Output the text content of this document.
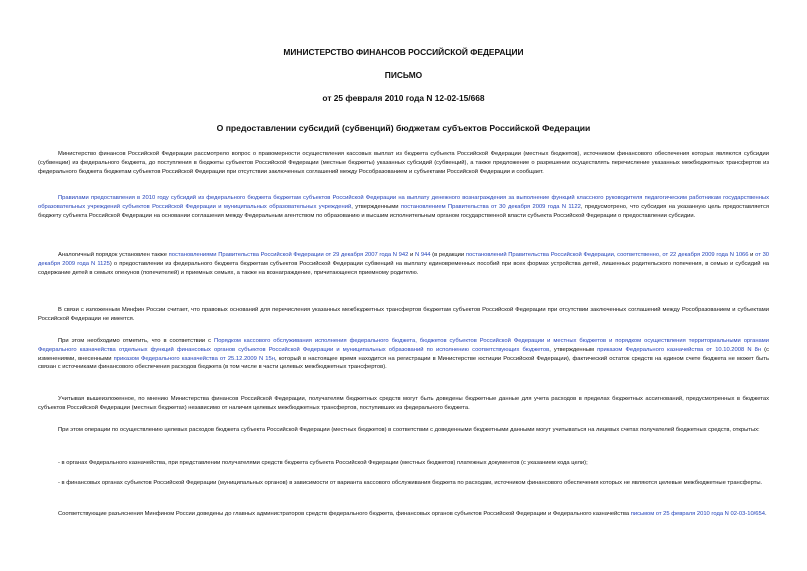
МИНИСТЕРСТВО ФИНАНСОВ РОССИЙСКОЙ ФЕДЕРАЦИИ
ПИСЬМО
от 25 февраля 2010 года N 12-02-15/668
О предоставлении субсидий (субвенций) бюджетам субъектов Российской Федерации

Министерство финансов Российской Федерации рассмотрело вопрос о правомерности осуществления кассовых выплат из бюджета субъекта Российской Федерации (местных бюджетов), источником финансового обеспечения которых являются субсидии (субвенции) из федерального бюджета, до поступления в бюджеты субъектов Российской Федерации (местные бюджеты) указанных субсидий (субвенций), а также предложение о разрешении осуществлять перечисление указанных межбюджетных трансфертов из федерального бюджета бюджетам субъектов Российской Федерации при отсутствии заключенных соглашений между Рособразованием и субъектами Российской Федерации и сообщает.

Правилами предоставления в 2010 году субсидий из федерального бюджета бюджетам субъектов Российской Федерации на выплату денежного вознаграждения за выполнение функций классного руководителя педагогическим работникам государственных образовательных учреждений субъектов Российской Федерации и муниципальных образовательных учреждений, утвержденными постановлением Правительства от 30 декабря 2009 года N 1122, предусмотрено, что субсидия на указанную цель предоставляется бюджету субъекта Российской Федерации на основании соглашения между Федеральным агентством по образованию и высшим исполнительным органом государственной власти субъекта Российской Федерации о предоставлении субсидии.

Аналогичный порядок установлен также постановлениями Правительства Российской Федерации от 29 декабря 2007 года N 942 и N 944 (в редакции постановлений Правительства Российской Федерации, соответственно, от 22 декабря 2009 года N 1066 и от 30 декабря 2009 года N 1125) о предоставлении из федерального бюджета бюджетам субъектов Российской Федерации субвенций на выплату единовременных пособий при всех формах устройства детей, лишенных родительского попечения, в семью и субсидий на содержание детей в семьях опекунов (попечителей) и приемных семьях, а также на вознаграждение, причитающееся приемному родителю.

В связи с изложенным Минфин России считает, что правовых оснований для перечисления указанных межбюджетных трансфертов бюджетам субъектов Российской Федерации при отсутствии заключенных соглашений между Рособразованием и субъектами Российской Федерации не имеется.

При этом необходимо отметить, что в соответствии с Порядком кассового обслуживания исполнения федерального бюджета, бюджетов субъектов Российской Федерации и местных бюджетов и порядком осуществления территориальными органами Федерального казначейства отдельных функций финансовых органов субъектов Российской Федерации и муниципальных образований по исполнению соответствующих бюджетов, утвержденным приказом Федерального казначейства от 10.10.2008 N 8н (с изменениями, внесенными приказом Федерального казначейства от 25.12.2009 N 15н, который в настоящее время находится на регистрации в Министерстве юстиции Российской Федерации), фактический остаток средств на едином счете бюджета не может быть связан с источниками финансового обеспечения расходов бюджета (в том числе в части целевых межбюджетных трансфертов).

Учитывая вышеизложенное, по мнению Министерства финансов Российской Федерации, получателям бюджетных средств могут быть доведены бюджетные данные для учета расходов в пределах бюджетных ассигнований, предусмотренных в бюджетах субъектов Российской Федерации (местных бюджетах) независимо от наличия целевых межбюджетных трансфертов, поступивших из федерального бюджета.

При этом операции по осуществлению целевых расходов бюджета субъекта Российской Федерации (местных бюджетов) в соответствии с доведенными бюджетными данными могут учитываться на лицевых счетах получателей бюджетных средств, открытых:

- в органах Федерального казначейства, при представлении получателями средств бюджета субъекта Российской Федерации (местных бюджетов) платежных документов (с указанием кода цели);

- в финансовых органах субъектов Российской Федерации (муниципальных органов) в зависимости от варианта кассового обслуживания бюджета по расходам, источником финансового обеспечения которых не являются целевые межбюджетные трансферты.

Соответствующие разъяснения Минфином России доведены до главных администраторов средств федерального бюджета, финансовых органов субъектов Российской Федерации и Федерального казначейства письмом от 25 февраля 2010 года N 02-03-10/654.
